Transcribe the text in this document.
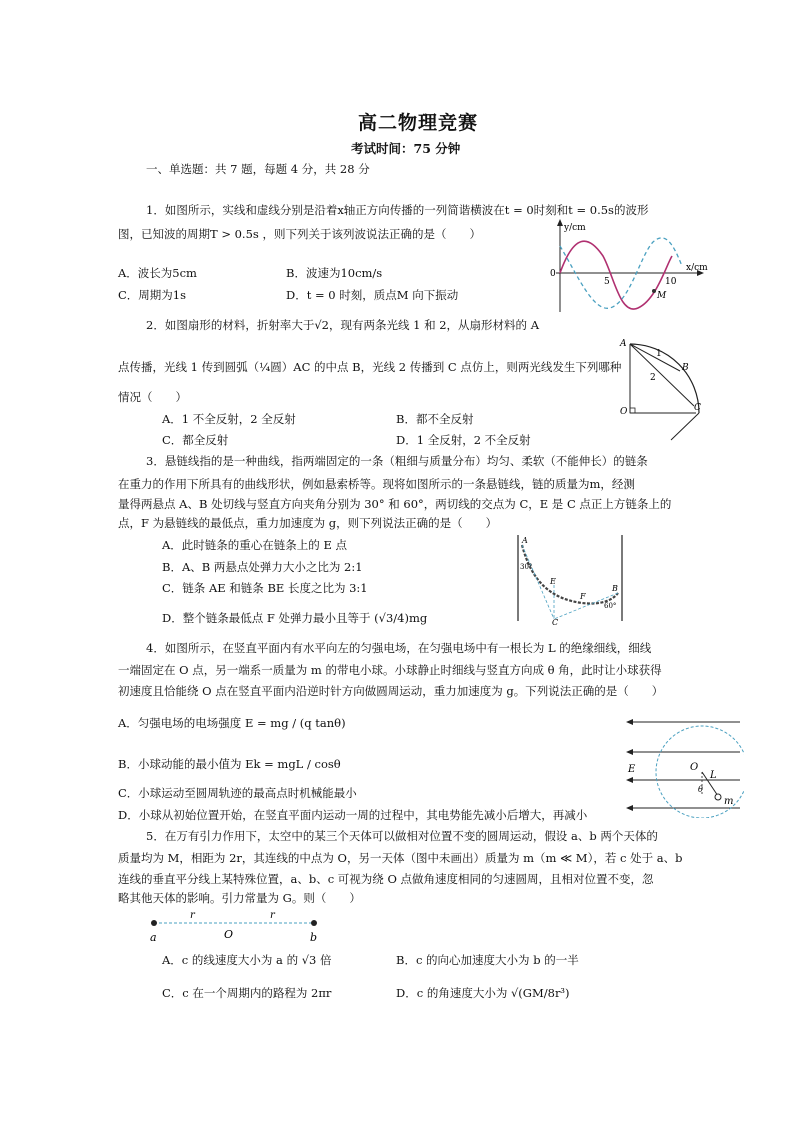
高二物理竞赛
考试时间：75 分钟
一、单选题：共 7 题，每题 4 分，共 28 分
1．如图所示，实线和虚线分别是沿着x轴正方向传播的一列简谐横波在t = 0时刻和t = 0.5s的波形
图，已知波的周期T > 0.5s ，则下列关于该列波说法正确的是（　　）
A．波长为5cm	B．波速为10cm/s
C．周期为1s	D．t = 0 时刻，质点M 向下振动
y/cm
x/cm
0
5	10
M
2．如图扇形的材料，折射率大于√2，现有两条光线 1 和 2，从扇形材料的 A
点传播，光线 1 传到圆弧（¼圆）AC 的中点 B，光线 2 传播到 C 点仿上，则两光线发生下列哪种
情况（　　）
A．1 不全反射，2 全反射	B．都不全反射
C．都全反射	D．1 全反射，2 不全反射
A
B
C
O
1
2
3．悬链线指的是一种曲线，指两端固定的一条（粗细与质量分布）均匀、柔软（不能伸长）的链条
在重力的作用下所具有的曲线形状，例如悬索桥等。现将如图所示的一条悬链线，链的质量为m，经测
量得两悬点 A、B 处切线与竖直方向夹角分别为 30° 和 60°，两切线的交点为 C，E 是 C 点正上方链条上的
点，F 为悬链线的最低点，重力加速度为 g，则下列说法正确的是（　　）
A．此时链条的重心在链条上的 E 点
B．A、B 两悬点处弹力大小之比为 2:1
C．链条 AE 和链条 BE 长度之比为 3:1
D．整个链条最低点 F 处弹力最小且等于 (√3/4)mg
A
B
E
F
C
30°
60°
4．如图所示，在竖直平面内有水平向左的匀强电场，在匀强电场中有一根长为 L 的绝缘细线，细线
一端固定在 O 点，另一端系一质量为 m 的带电小球。小球静止时细线与竖直方向成 θ 角，此时让小球获得
初速度且恰能绕 O 点在竖直平面内沿逆时针方向做圆周运动，重力加速度为 g。下列说法正确的是（　　）
A．匀强电场的电场强度 E = mg / (q tanθ)
B．小球动能的最小值为 Ek = mgL / cosθ
C．小球运动至圆周轨迹的最高点时机械能最小
D．小球从初始位置开始，在竖直平面内运动一周的过程中，其电势能先减小后增大，再减小
E	O
L
θ
m
5．在万有引力作用下，太空中的某三个天体可以做相对位置不变的圆周运动，假设 a、b 两个天体的
质量均为 M，相距为 2r，其连线的中点为 O，另一天体（图中未画出）质量为 m（m ≪ M），若 c 处于 a、b
连线的垂直平分线上某特殊位置，a、b、c 可视为绕 O 点做角速度相同的匀速圆周，且相对位置不变，忽
略其他天体的影响。引力常量为 G。则（　　）
r	r
a	O	b
A．c 的线速度大小为 a 的 √3 倍	B．c 的向心加速度大小为 b 的一半
C．c 在一个周期内的路程为 2πr	D．c 的角速度大小为 √(GM/8r³)
